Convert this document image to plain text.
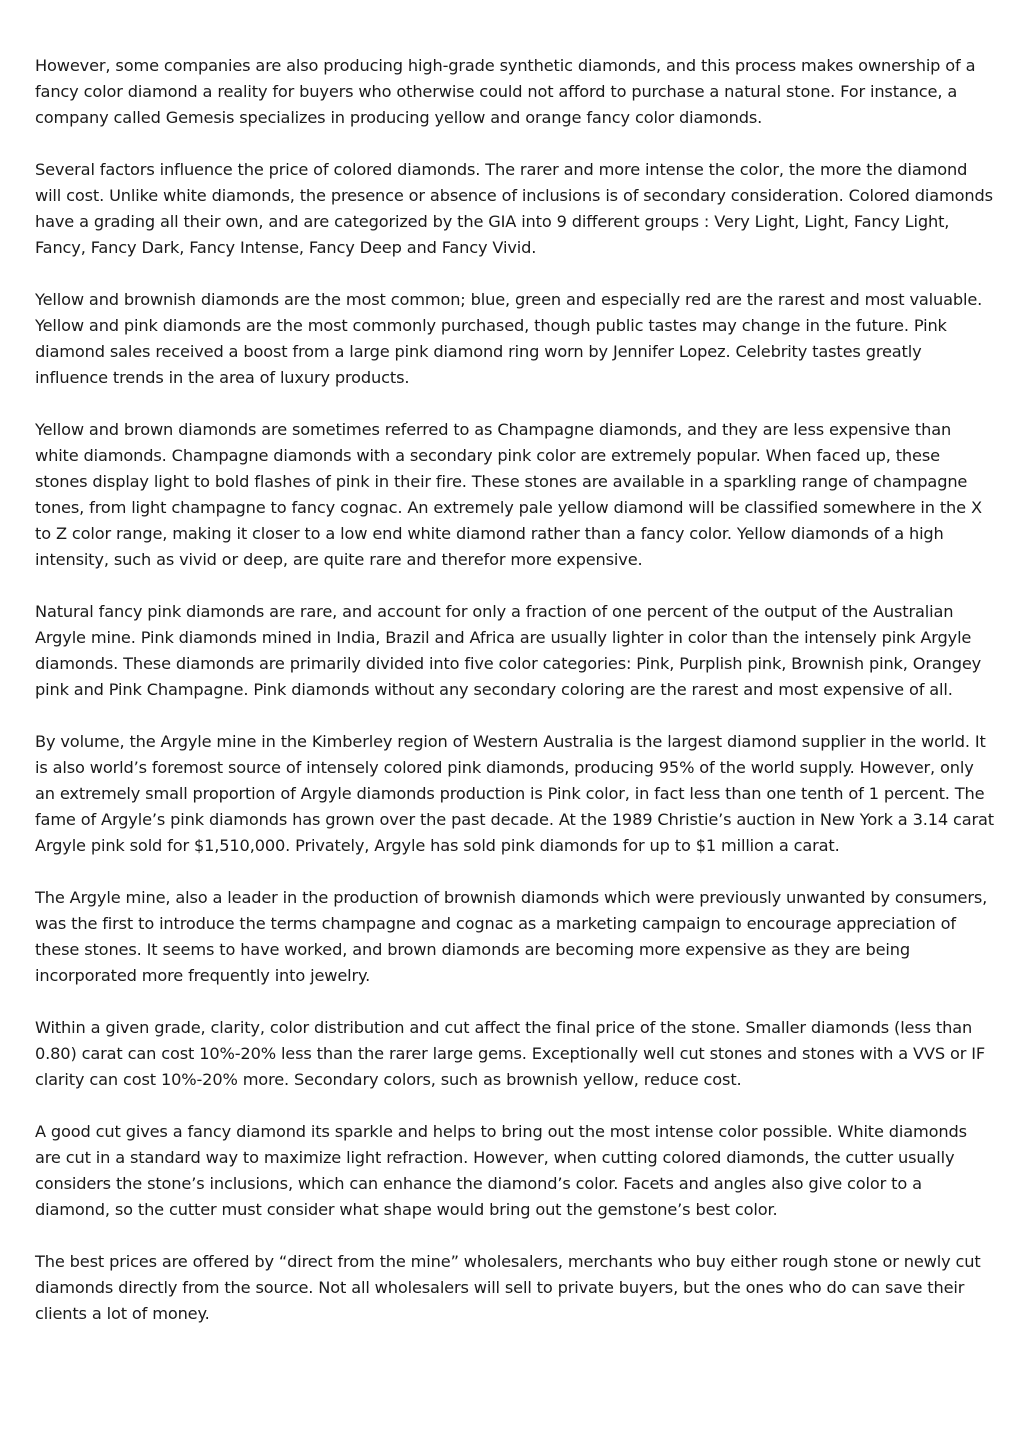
However, some companies are also producing high-grade synthetic diamonds, and this process makes ownership of a fancy color diamond a reality for buyers who otherwise could not afford to purchase a natural stone. For instance, a company called Gemesis specializes in producing yellow and orange fancy color diamonds.

Several factors influence the price of colored diamonds. The rarer and more intense the color, the more the diamond will cost. Unlike white diamonds, the presence or absence of inclusions is of secondary consideration. Colored diamonds have a grading all their own, and are categorized by the GIA into 9 different groups : Very Light, Light, Fancy Light, Fancy, Fancy Dark, Fancy Intense, Fancy Deep and Fancy Vivid.

Yellow and brownish diamonds are the most common; blue, green and especially red are the rarest and most valuable. Yellow and pink diamonds are the most commonly purchased, though public tastes may change in the future. Pink diamond sales received a boost from a large pink diamond ring worn by Jennifer Lopez. Celebrity tastes greatly influence trends in the area of luxury products.

Yellow and brown diamonds are sometimes referred to as Champagne diamonds, and they are less expensive than white diamonds. Champagne diamonds with a secondary pink color are extremely popular. When faced up, these stones display light to bold flashes of pink in their fire. These stones are available in a sparkling range of champagne tones, from light champagne to fancy cognac. An extremely pale yellow diamond will be classified somewhere in the X to Z color range, making it closer to a low end white diamond rather than a fancy color. Yellow diamonds of a high intensity, such as vivid or deep, are quite rare and therefor more expensive.

Natural fancy pink diamonds are rare, and account for only a fraction of one percent of the output of the Australian Argyle mine. Pink diamonds mined in India, Brazil and Africa are usually lighter in color than the intensely pink Argyle diamonds. These diamonds are primarily divided into five color categories: Pink, Purplish pink, Brownish pink, Orangey pink and Pink Champagne. Pink diamonds without any secondary coloring are the rarest and most expensive of all.

By volume, the Argyle mine in the Kimberley region of Western Australia is the largest diamond supplier in the world. It is also world’s foremost source of intensely colored pink diamonds, producing 95% of the world supply. However, only an extremely small proportion of Argyle diamonds production is Pink color, in fact less than one tenth of 1 percent. The fame of Argyle’s pink diamonds has grown over the past decade. At the 1989 Christie’s auction in New York a 3.14 carat Argyle pink sold for $1,510,000. Privately, Argyle has sold pink diamonds for up to $1 million a carat.

The Argyle mine, also a leader in the production of brownish diamonds which were previously unwanted by consumers, was the first to introduce the terms champagne and cognac as a marketing campaign to encourage appreciation of these stones. It seems to have worked, and brown diamonds are becoming more expensive as they are being incorporated more frequently into jewelry.

Within a given grade, clarity, color distribution and cut affect the final price of the stone. Smaller diamonds (less than 0.80) carat can cost 10%-20% less than the rarer large gems. Exceptionally well cut stones and stones with a VVS or IF clarity can cost 10%-20% more. Secondary colors, such as brownish yellow, reduce cost.

A good cut gives a fancy diamond its sparkle and helps to bring out the most intense color possible. White diamonds are cut in a standard way to maximize light refraction. However, when cutting colored diamonds, the cutter usually considers the stone’s inclusions, which can enhance the diamond’s color. Facets and angles also give color to a diamond, so the cutter must consider what shape would bring out the gemstone’s best color.

The best prices are offered by “direct from the mine” wholesalers, merchants who buy either rough stone or newly cut diamonds directly from the source. Not all wholesalers will sell to private buyers, but the ones who do can save their clients a lot of money.
